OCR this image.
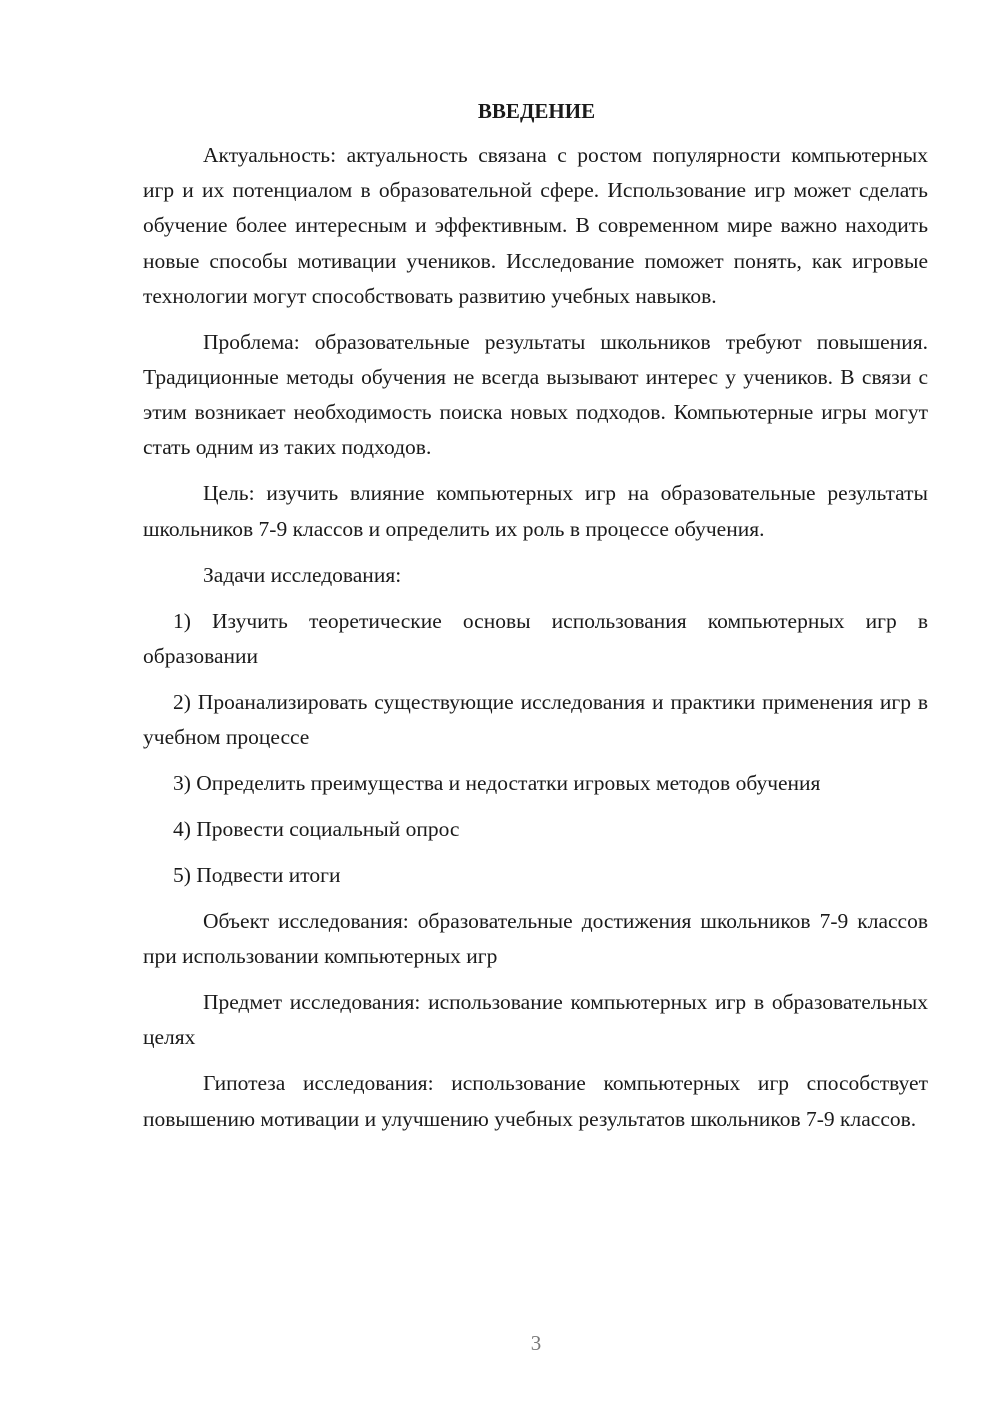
ВВЕДЕНИЕ

Актуальность: актуальность связана с ростом популярности компьютерных игр и их потенциалом в образовательной сфере. Использование игр может сделать обучение более интересным и эффективным. В современном мире важно находить новые способы мотивации учеников. Исследование поможет понять, как игровые технологии могут способствовать развитию учебных навыков.

Проблема: образовательные результаты школьников требуют повышения. Традиционные методы обучения не всегда вызывают интерес у учеников. В связи с этим возникает необходимость поиска новых подходов. Компьютерные игры могут стать одним из таких подходов.

Цель: изучить влияние компьютерных игр на образовательные результаты школьников 7-9 классов и определить их роль в процессе обучения.

Задачи исследования:

1) Изучить теоретические основы использования компьютерных игр в образовании

2) Проанализировать существующие исследования и практики применения игр в учебном процессе

3) Определить преимущества и недостатки игровых методов обучения

4) Провести социальный опрос

5) Подвести итоги

Объект исследования: образовательные достижения школьников 7-9 классов при использовании компьютерных игр

Предмет исследования: использование компьютерных игр в образовательных целях

Гипотеза исследования: использование компьютерных игр способствует повышению мотивации и улучшению учебных результатов школьников 7-9 классов.

3
